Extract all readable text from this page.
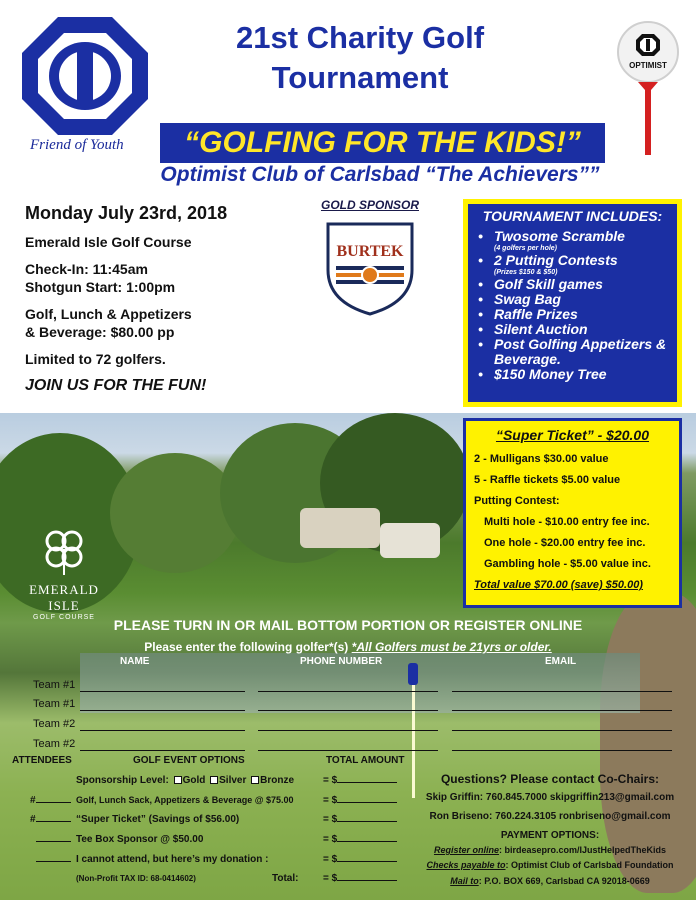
Friend of Youth
21st Charity Golf
Tournament
“GOLFING FOR THE KIDS!”
Optimist Club of Carlsbad “The Achievers””
OPTIMIST
Monday July 23rd, 2018

Emerald Isle Golf Course

Check-In: 11:45am
Shotgun Start: 1:00pm

Golf, Lunch & Appetizers
& Beverage: $80.00 pp

Limited to 72 golfers.

JOIN US FOR THE FUN!

GOLD SPONSOR
BURTEK
TOURNAMENT INCLUDES:
• Twosome Scramble
(4 golfers per hole)
• 2 Putting Contests
(Prizes $150 & $50)
• Golf Skill games
• Swag Bag
• Raffle Prizes
• Silent Auction
• Post Golfing Appetizers & Beverage.
• $150 Money Tree
EMERALD ISLE
GOLF COURSE
“Super Ticket” - $20.00

2 - Mulligans $30.00 value

5 - Raffle tickets $5.00 value

Putting Contest:

Multi hole - $10.00 entry fee inc.

One hole - $20.00 entry fee inc.

Gambling hole - $5.00 value inc.

Total value $70.00 (save) $50.00)

PLEASE TURN IN OR MAIL BOTTOM PORTION OR REGISTER ONLINE
Please enter the following golfer*(s) *All Golfers must be 21yrs or older.
NAME	PHONE NUMBER	EMAIL
Team #1
Team #1
Team #2
Team #2
ATTENDEES	GOLF EVENT OPTIONS	TOTAL AMOUNT
Sponsorship Level: Gold Silver Bronze	= $
#	Golf, Lunch Sack, Appetizers & Beverage @ $75.00	= $
#	“Super Ticket” (Savings of $56.00)	= $
Tee Box Sponsor @ $50.00	= $
I cannot attend, but here’s my donation :	= $
(Non-Profit TAX ID: 68-0414602)	Total: = $
Questions? Please contact Co-Chairs:
Skip Griffin: 760.845.7000 skipgriffin213@gmail.com
Ron Briseno: 760.224.3105 ronbriseno@gmail.com
PAYMENT OPTIONS:
Register online: birdeasepro.com/IJustHelpedTheKids
Checks payable to: Optimist Club of Carlsbad Foundation
Mail to: P.O. BOX 669, Carlsbad CA 92018-0669
